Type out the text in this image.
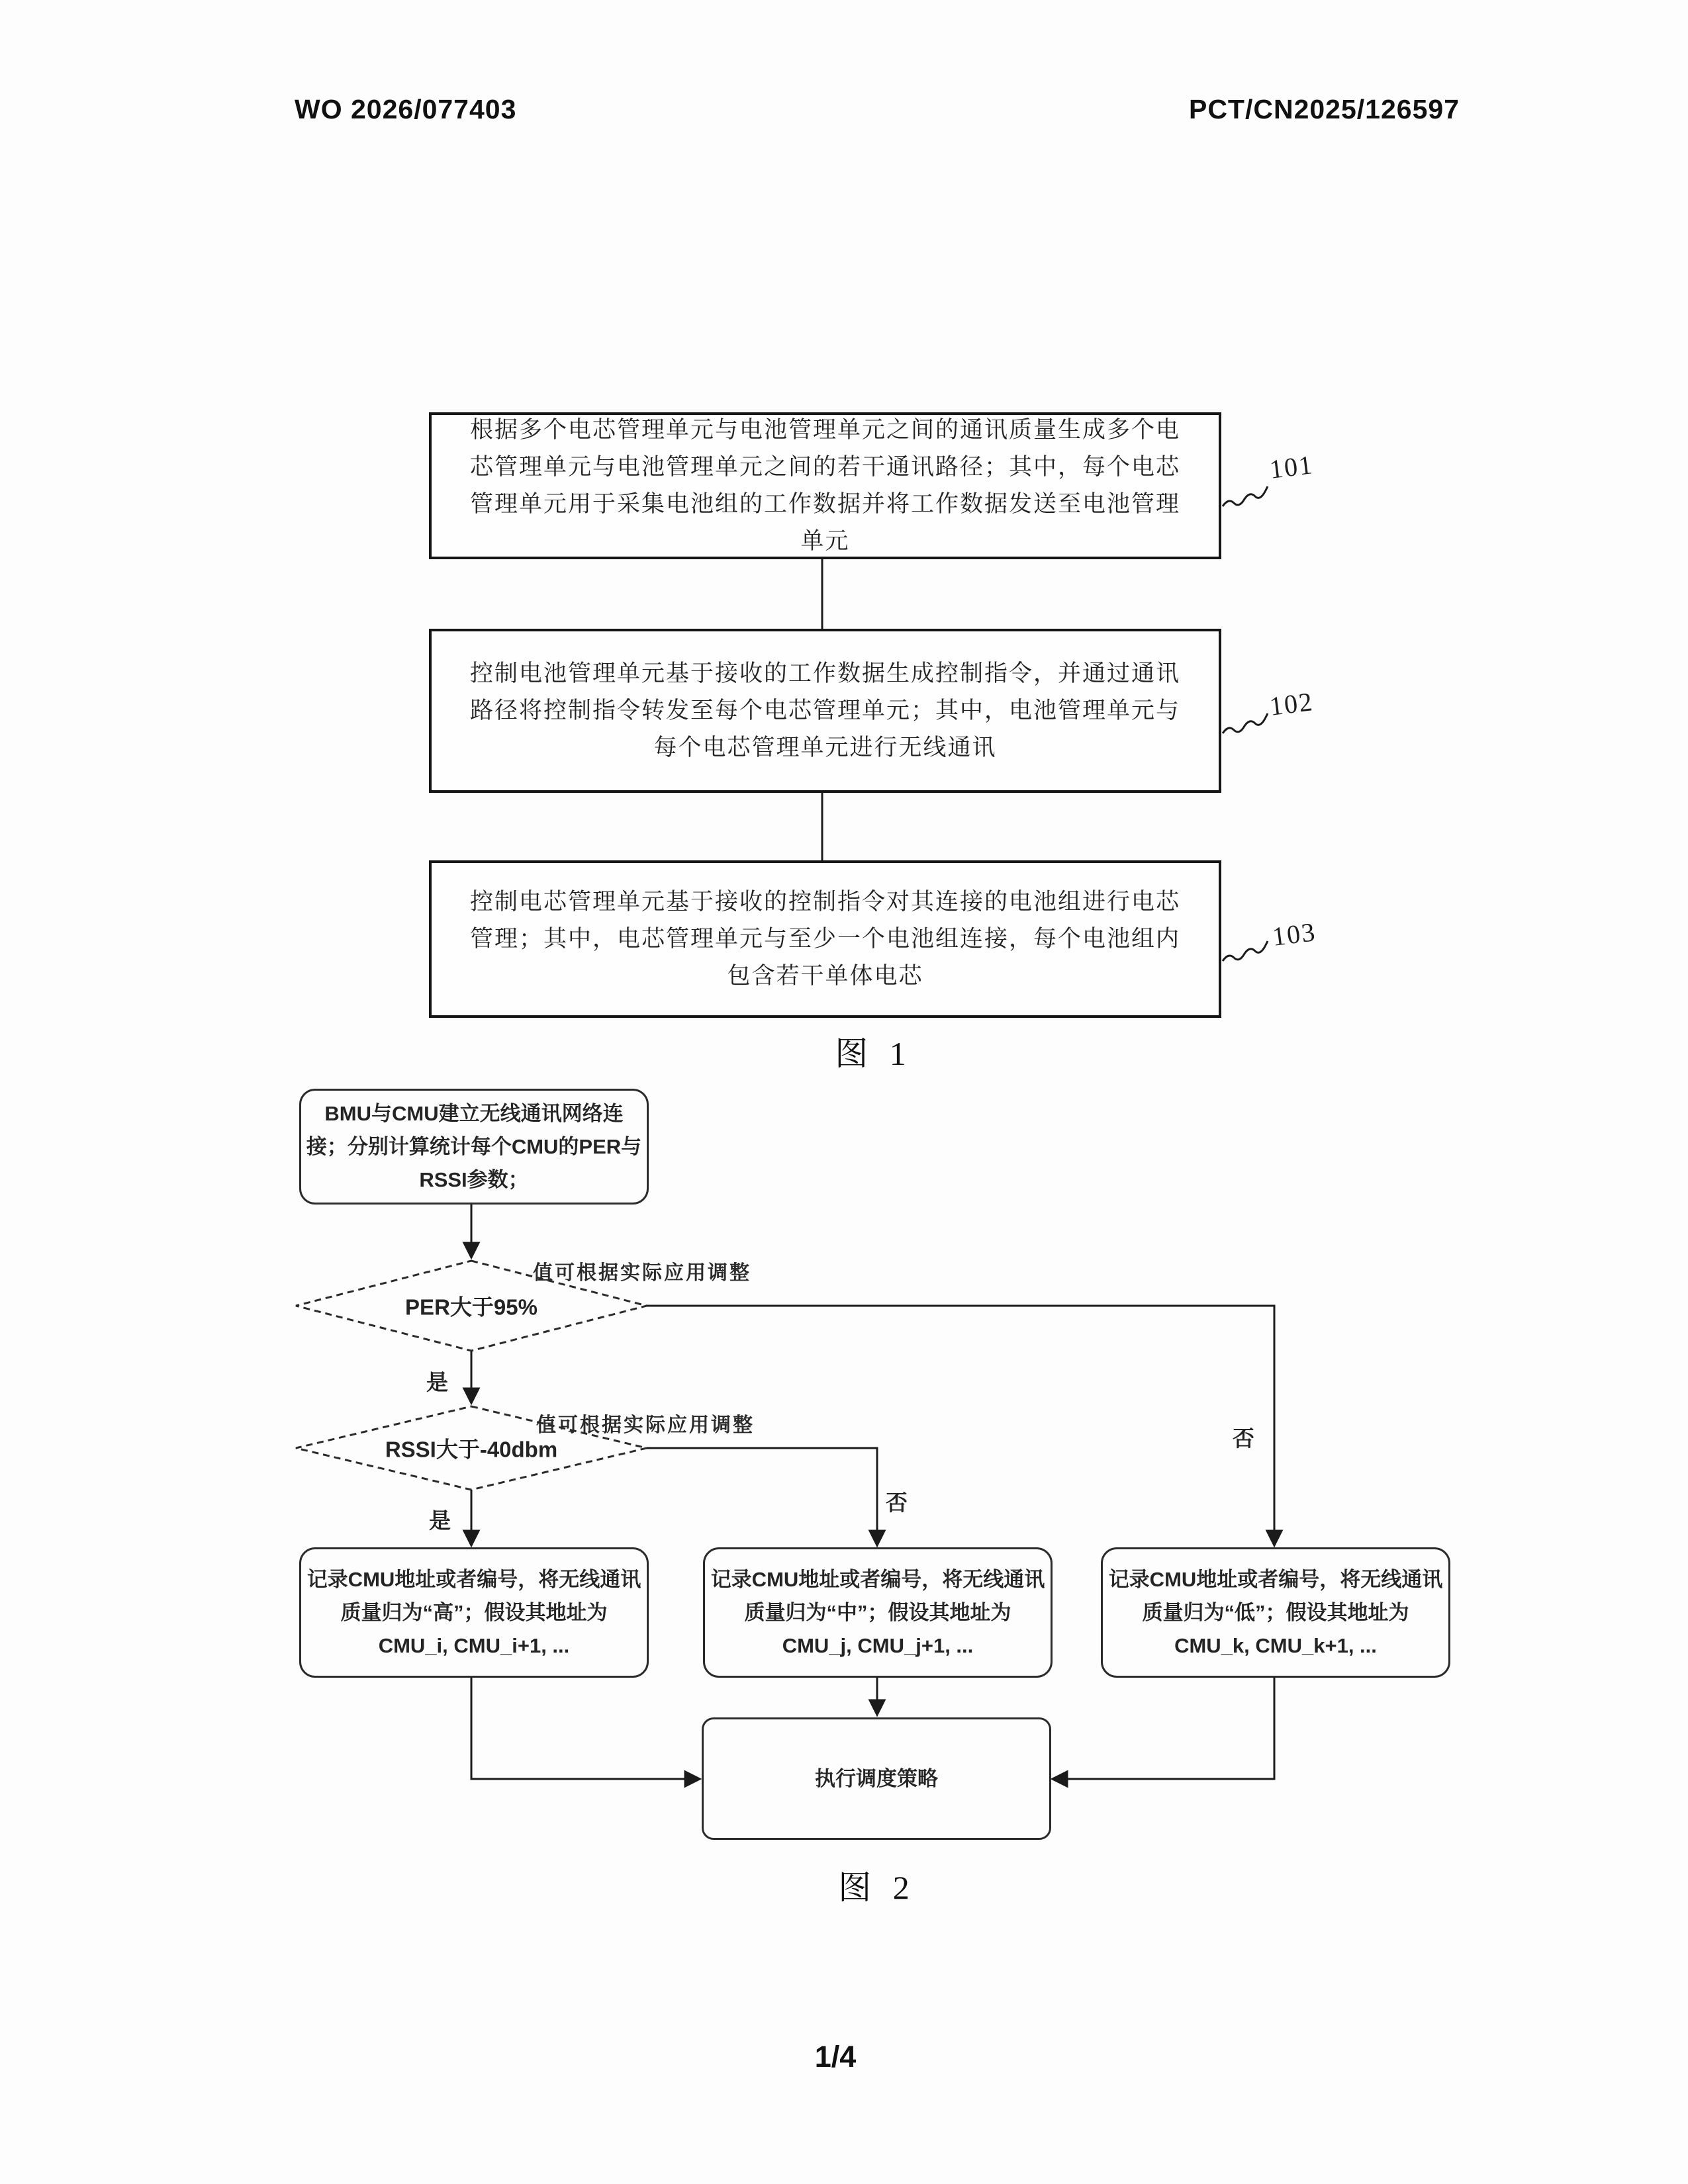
WO 2026/077403	PCT/CN2025/126597
根据多个电芯管理单元与电池管理单元之间的通讯质量生成多个电
芯管理单元与电池管理单元之间的若干通讯路径；其中，每个电芯
管理单元用于采集电池组的工作数据并将工作数据发送至电池管理
单元
101
控制电池管理单元基于接收的工作数据生成控制指令，并通过通讯
路径将控制指令转发至每个电芯管理单元；其中，电池管理单元与
每个电芯管理单元进行无线通讯
102
控制电芯管理单元基于接收的控制指令对其连接的电池组进行电芯
管理；其中，电芯管理单元与至少一个电池组连接，每个电池组内
包含若干单体电芯
103
图 1
BMU与CMU建立无线通讯网络连
接；分别计算统计每个CMU的PER与
RSSI参数；
PER大于95%
值可根据实际应用调整
是
否
RSSI大于-40dbm
值可根据实际应用调整
是
否
记录CMU地址或者编号，将无线通讯
质量归为“高”；假设其地址为
CMU_i, CMU_i+1, ...
记录CMU地址或者编号，将无线通讯
质量归为“中”；假设其地址为
CMU_j, CMU_j+1, ...
记录CMU地址或者编号，将无线通讯
质量归为“低”；假设其地址为
CMU_k, CMU_k+1, ...
执行调度策略
图 2
1/4
